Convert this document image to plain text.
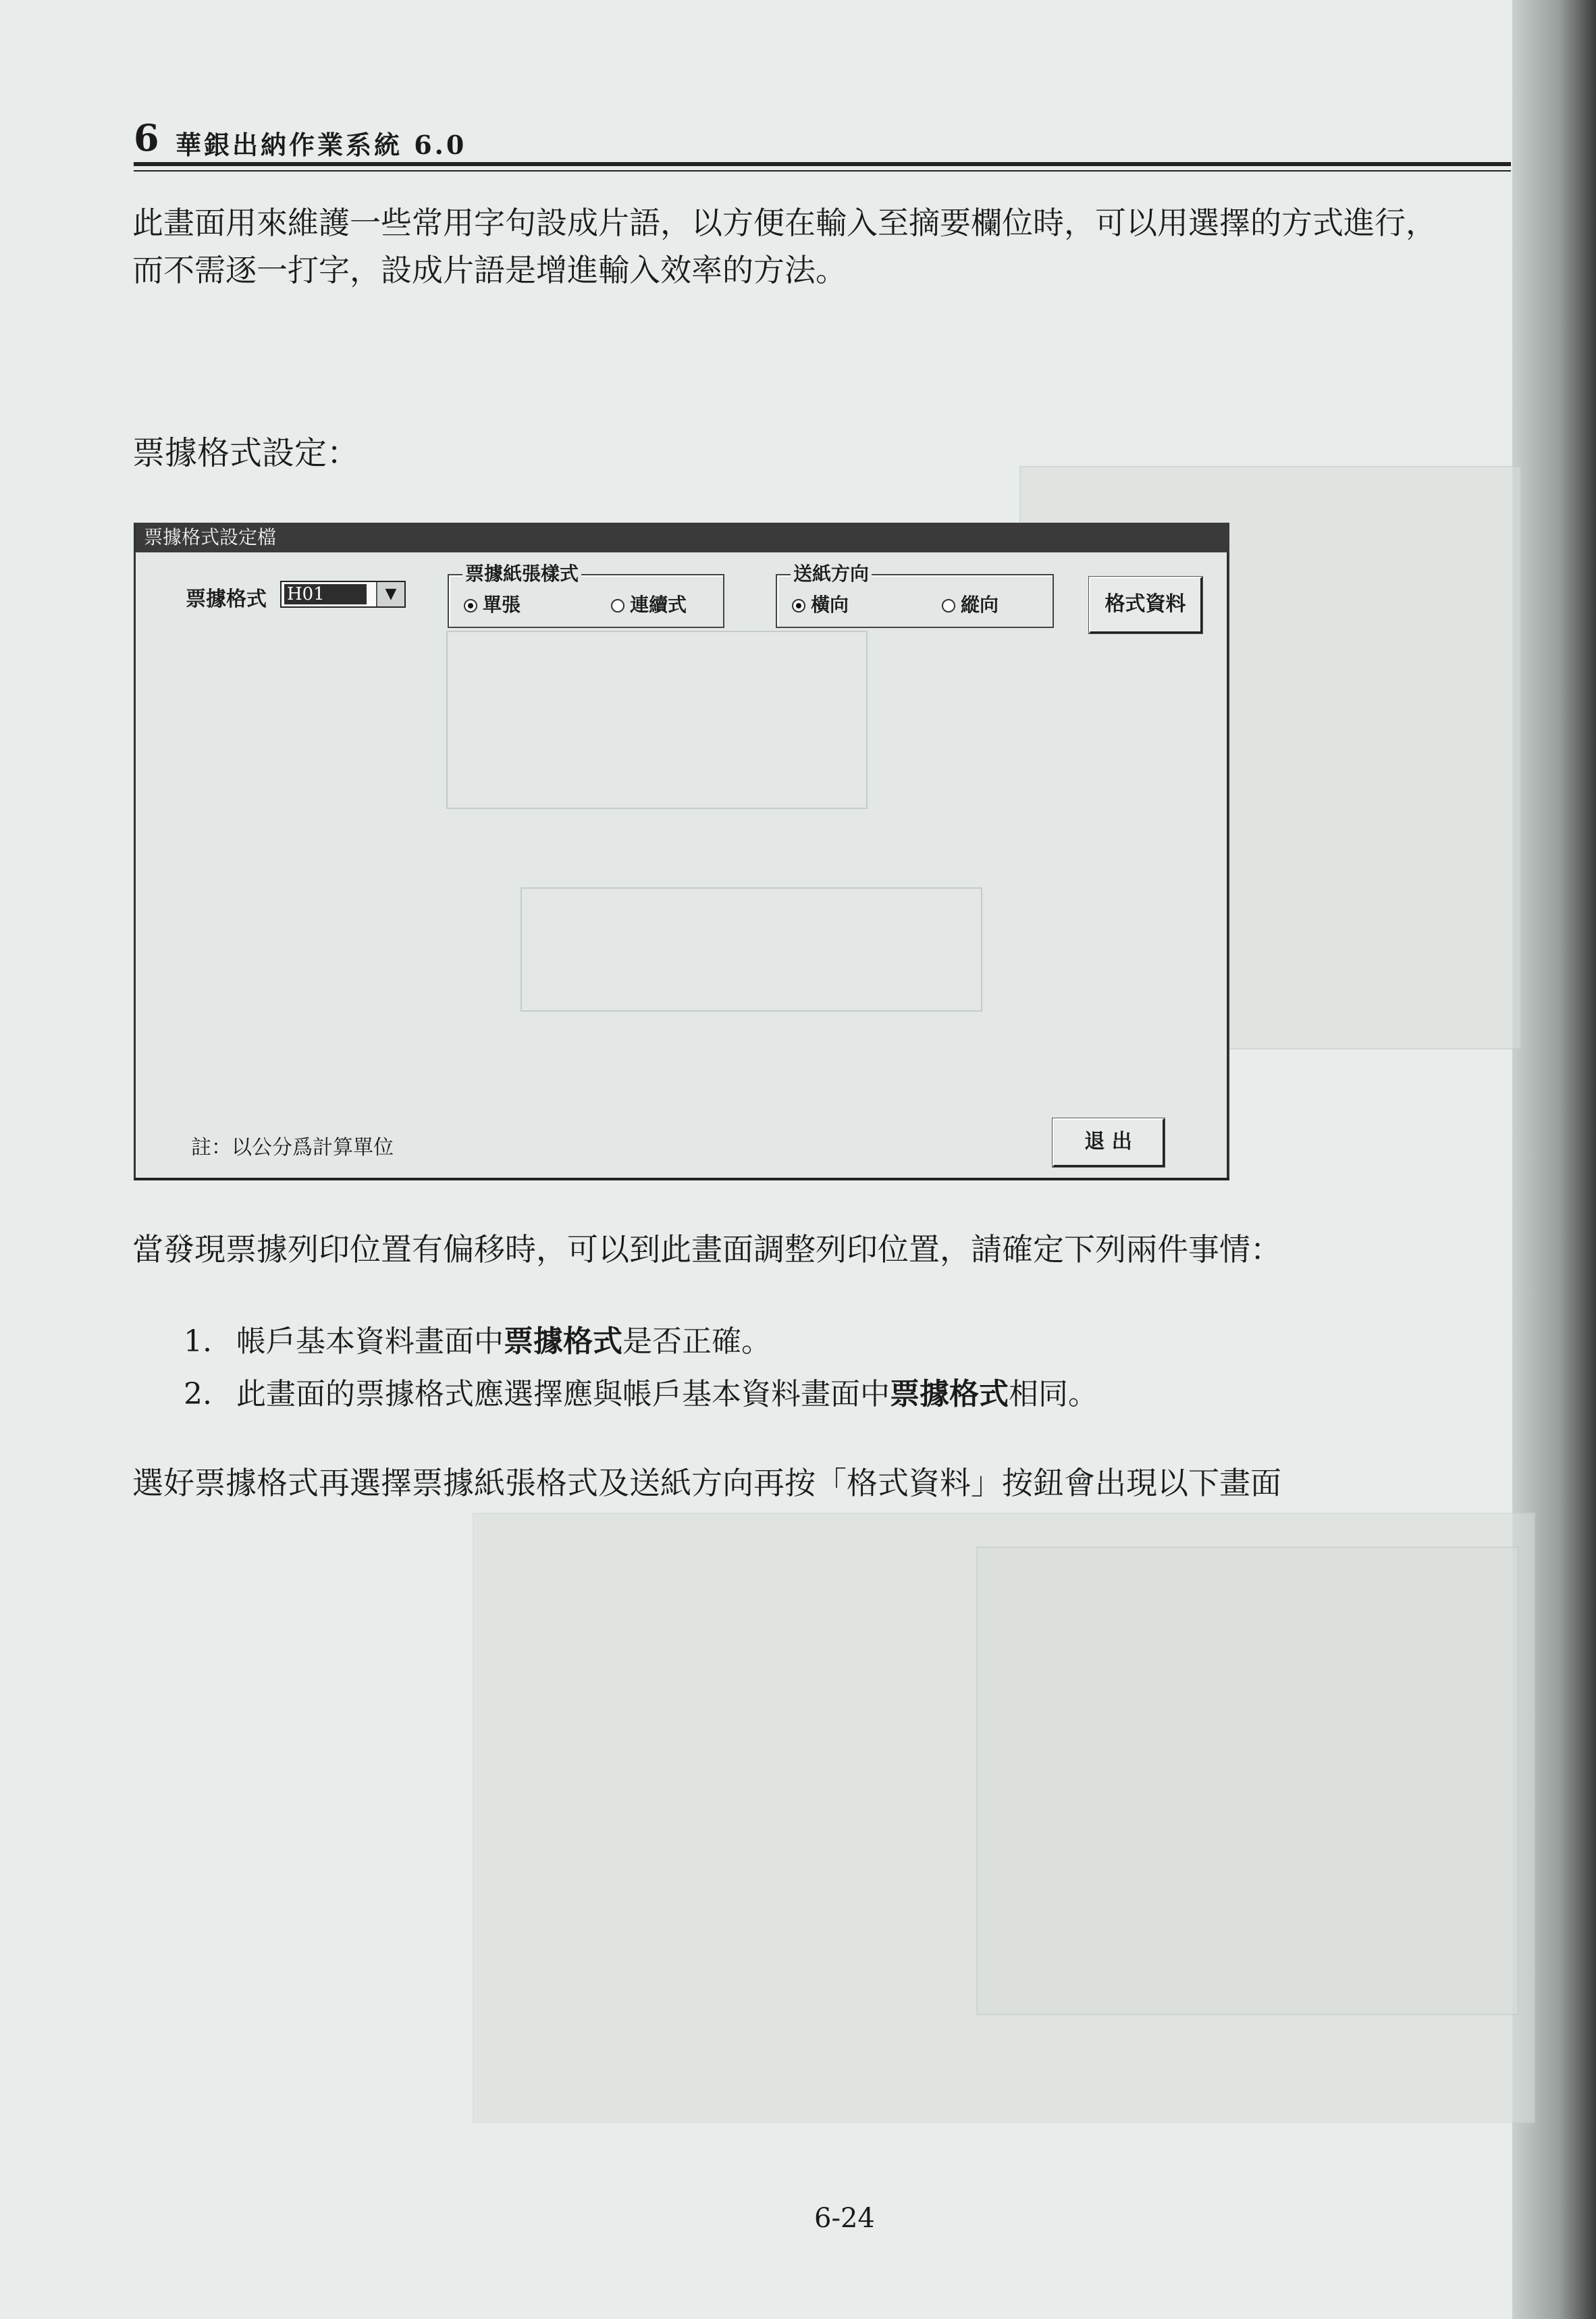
6 華銀出納作業系統 6.0
此畫面用來維護一些常用字句設成片語，以方便在輸入至摘要欄位時，可以用選擇的方式進行，
而不需逐一打字，設成片語是增進輸入效率的方法。
票據格式設定：
票據格式設定檔
票據格式 H01	▼
票據紙張樣式
單張	連續式
送紙方向
橫向	縱向	格式資料
註：以公分爲計算單位	退 出
當發現票據列印位置有偏移時，可以到此畫面調整列印位置，請確定下列兩件事情：
1. 帳戶基本資料畫面中票據格式是否正確。
2. 此畫面的票據格式應選擇應與帳戶基本資料畫面中票據格式相同。
選好票據格式再選擇票據紙張格式及送紙方向再按「格式資料」按鈕會出現以下畫面
6-24
